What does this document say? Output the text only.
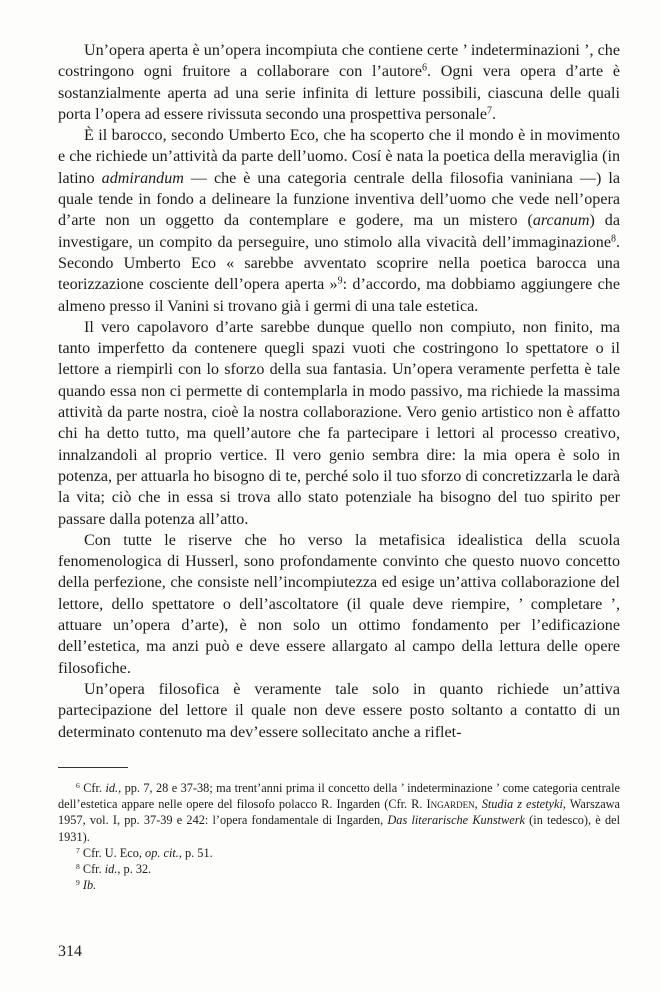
Un’opera aperta è un’opera incompiuta che contiene certe ’ indeterminazioni ’, che costringono ogni fruitore a collaborare con l’autore$^6$. Ogni vera opera d’arte è sostanzialmente aperta ad una serie infinita di letture possibili, ciascuna delle quali porta l’opera ad essere rivissuta secondo una prospettiva personale$^7$.

È il barocco, secondo Umberto Eco, che ha scoperto che il mondo è in movimento e che richiede un’attività da parte dell’uomo. Cosí è nata la poetica della meraviglia (in latino admirandum — che è una categoria centrale della filosofia vaniniana —) la quale tende in fondo a delineare la funzione inventiva dell’uomo che vede nell’opera d’arte non un oggetto da contemplare e godere, ma un mistero (arcanum) da investigare, un compito da perseguire, uno stimolo alla vivacità dell’immaginazione$^8$. Secondo Umberto Eco « sarebbe avventato scoprire nella poetica barocca una teorizzazione cosciente dell’opera aperta »$^9$: d’accordo, ma dobbiamo aggiungere che almeno presso il Vanini si trovano già i germi di una tale estetica.

Il vero capolavoro d’arte sarebbe dunque quello non compiuto, non finito, ma tanto imperfetto da contenere quegli spazi vuoti che costringono lo spettatore o il lettore a riempirli con lo sforzo della sua fantasia. Un’opera veramente perfetta è tale quando essa non ci permette di contemplarla in modo passivo, ma richiede la massima attività da parte nostra, cioè la nostra collaborazione. Vero genio artistico non è affatto chi ha detto tutto, ma quell’autore che fa partecipare i lettori al processo creativo, innalzandoli al proprio vertice. Il vero genio sembra dire: la mia opera è solo in potenza, per attuarla ho bisogno di te, perché solo il tuo sforzo di concretizzarla le darà la vita; ciò che in essa si trova allo stato potenziale ha bisogno del tuo spirito per passare dalla potenza all’atto.

Con tutte le riserve che ho verso la metafisica idealistica della scuola fenomenologica di Husserl, sono profondamente convinto che questo nuovo concetto della perfezione, che consiste nell’incompiutezza ed esige un’attiva collaborazione del lettore, dello spettatore o dell’ascoltatore (il quale deve riempire, ’ completare ’, attuare un’opera d’arte), è non solo un ottimo fondamento per l’edificazione dell’estetica, ma anzi può e deve essere allargato al campo della lettura delle opere filosofiche.

Un’opera filosofica è veramente tale solo in quanto richiede un’attiva partecipazione del lettore il quale non deve essere posto soltanto a contatto di un determinato contenuto ma dev’essere sollecitato anche a riflet-

$^6$ Cfr. id., pp. 7, 28 e 37-38; ma trent’anni prima il concetto della ’ indeterminazione ’ come categoria centrale dell’estetica appare nelle opere del filosofo polacco R. Ingarden (Cfr. R. Ingarden, Studia z estetyki, Warszawa 1957, vol. I, pp. 37-39 e 242: l’opera fondamentale di Ingarden, Das literarische Kunstwerk (in tedesco), è del 1931).

$^7$ Cfr. U. Eco, op. cit., p. 51.

$^8$ Cfr. id., p. 32.

$^9$ Ib.

314
